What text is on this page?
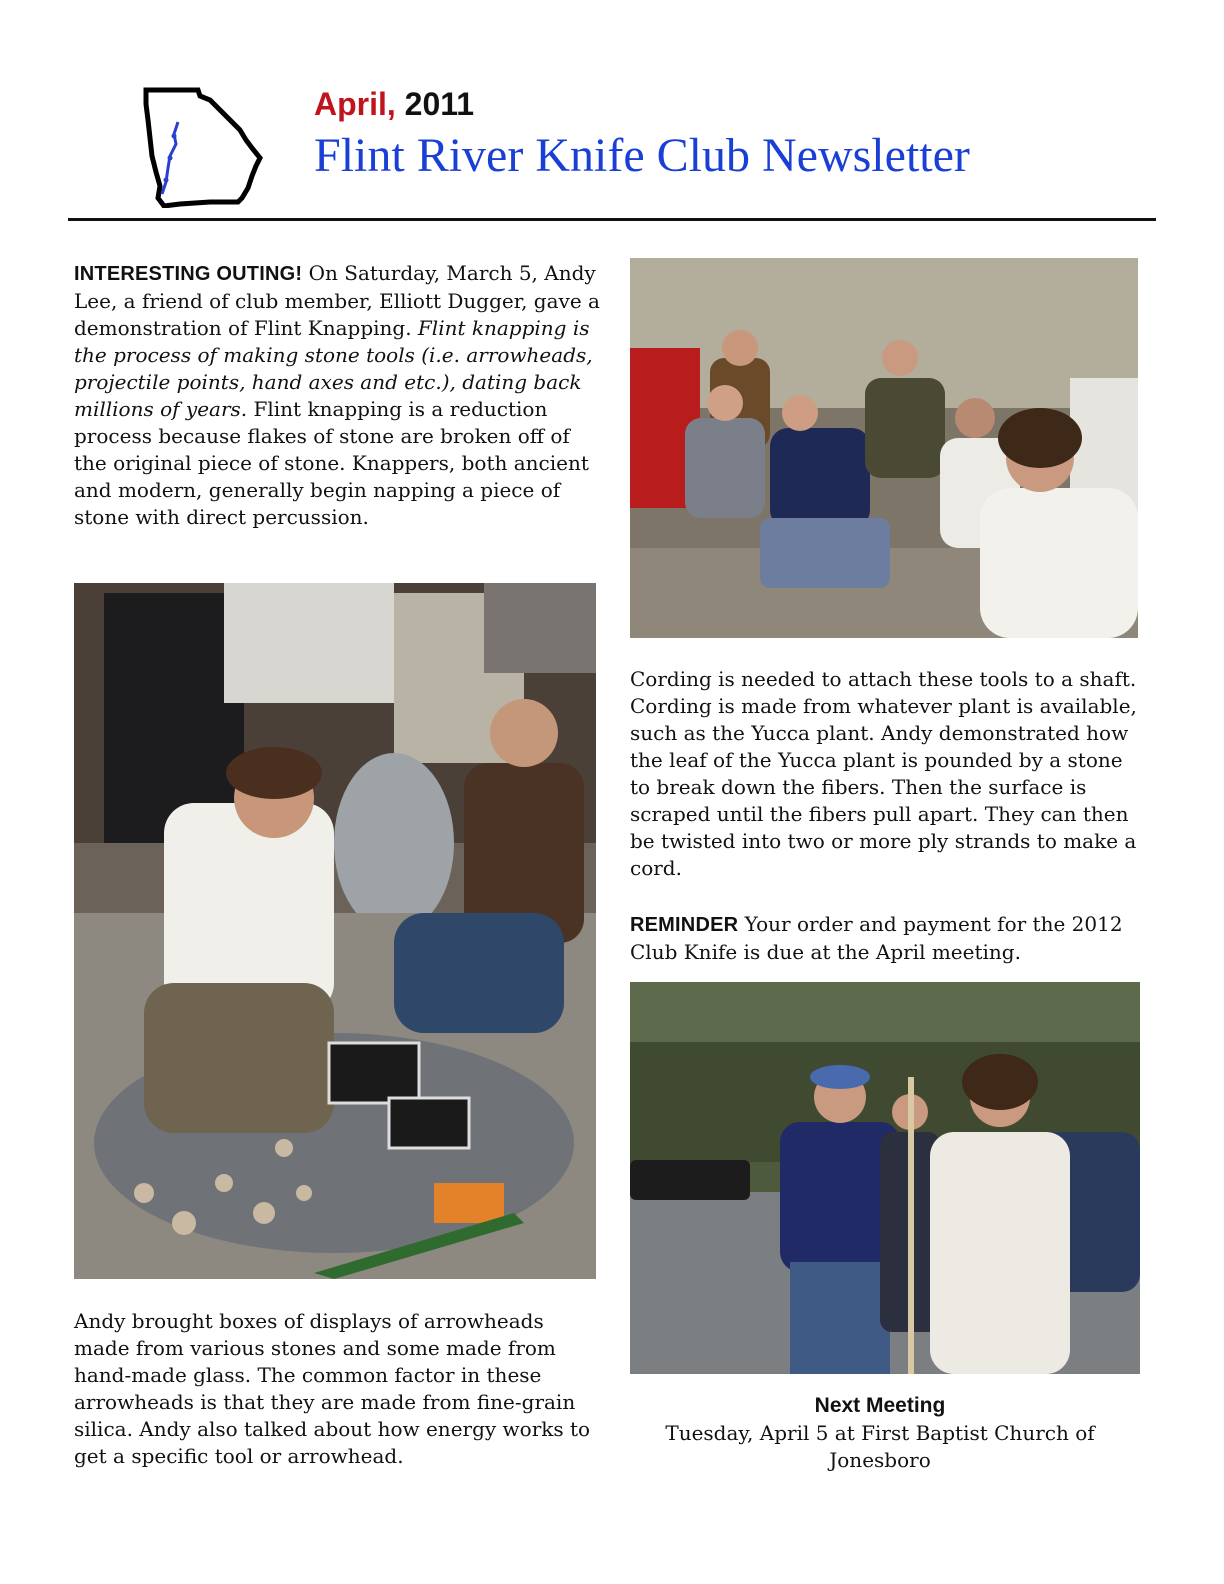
April, 2011
Flint River Knife Club Newsletter

INTERESTING OUTING! On Saturday, March 5, Andy Lee, a friend of club member, Elliott Dugger, gave a demonstration of Flint Knapping. Flint knapping is the process of making stone tools (i.e. arrowheads, projectile points, hand axes and etc.), dating back millions of years. Flint knapping is a reduction process because flakes of stone are broken off of the original piece of stone. Knappers, both ancient and modern, generally begin napping a piece of stone with direct percussion.

Andy brought boxes of displays of arrowheads made from various stones and some made from hand-made glass. The common factor in these arrowheads is that they are made from fine-grain silica. Andy also talked about how energy works to get a specific tool or arrowhead.

Cording is needed to attach these tools to a shaft. Cording is made from whatever plant is available, such as the Yucca plant. Andy demonstrated how the leaf of the Yucca plant is pounded by a stone to break down the fibers. Then the surface is scraped until the fibers pull apart. They can then be twisted into two or more ply strands to make a cord.

REMINDER Your order and payment for the 2012 Club Knife is due at the April meeting.

Next Meeting
Tuesday, April 5 at First Baptist Church of Jonesboro
